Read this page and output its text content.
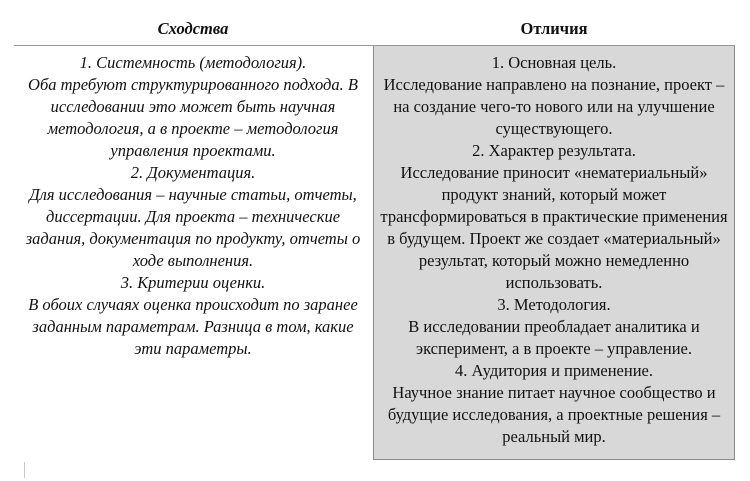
Сходства	Отличия

1. Системность (методология).

Оба требуют структурированного подхода. В исследовании это может быть научная методология, а в проекте – методология управления проектами.

2. Документация.

Для исследования – научные статьи, отчеты, диссертации. Для проекта – технические задания, документация по продукту, отчеты о ходе выполнения.

3. Критерии оценки.

В обоих случаях оценка происходит по заранее заданным параметрам. Разница в том, какие эти параметры.

1. Основная цель.

Исследование направлено на познание, проект – на создание чего-то нового или на улучшение существующего.

2. Характер результата.

Исследование приносит «нематериальный» продукт знаний, который может трансформироваться в практические применения в будущем. Проект же создает «материальный» результат, который можно немедленно использовать.

3. Методология.

В исследовании преобладает аналитика и эксперимент, а в проекте – управление.

4. Аудитория и применение.

Научное знание питает научное сообщество и будущие исследования, а проектные решения – реальный мир.
